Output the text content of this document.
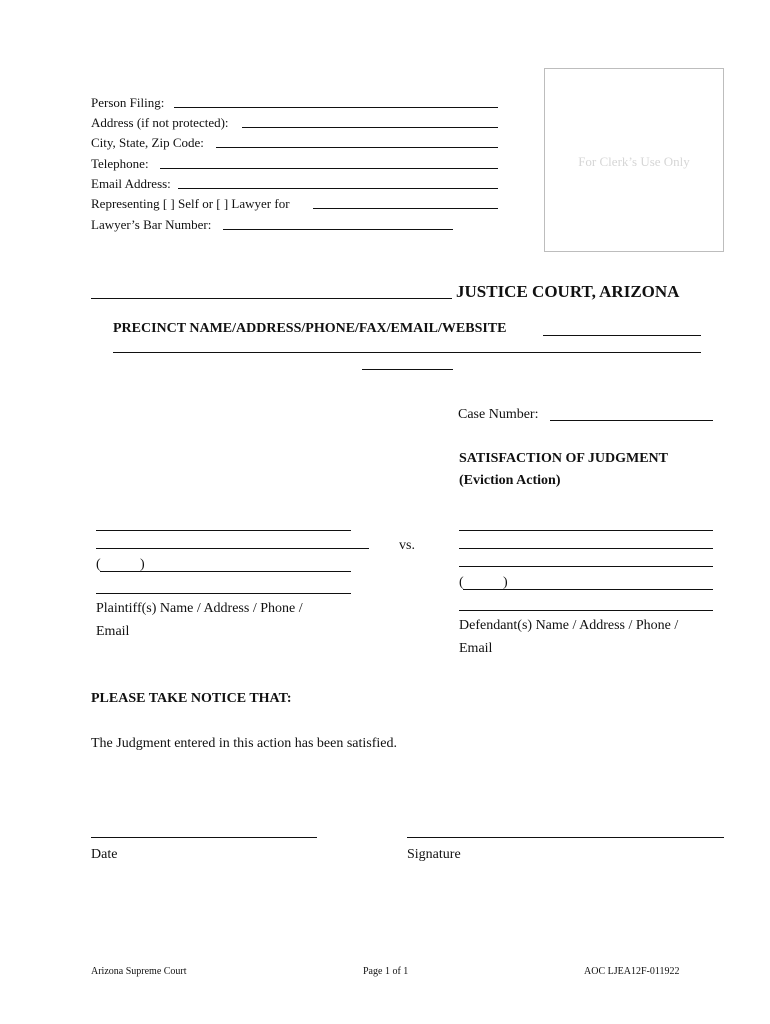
Person Filing:
Address (if not protected):
City, State, Zip Code:
Telephone:
Email Address:
Representing [ ] Self or [ ] Lawyer for
Lawyer’s Bar Number:
For Clerk’s Use Only
JUSTICE COURT, ARIZONA
PRECINCT NAME/ADDRESS/PHONE/FAX/EMAIL/WEBSITE
Case Number:
SATISFACTION OF JUDGMENT
(Eviction Action)
(	)
Plaintiff(s) Name / Address / Phone /
Email
vs.
(	)
Defendant(s) Name / Address / Phone /
Email
PLEASE TAKE NOTICE THAT:
The Judgment entered in this action has been satisfied.
Date	Signature
Arizona Supreme Court	Page 1 of 1	AOC LJEA12F-011922
